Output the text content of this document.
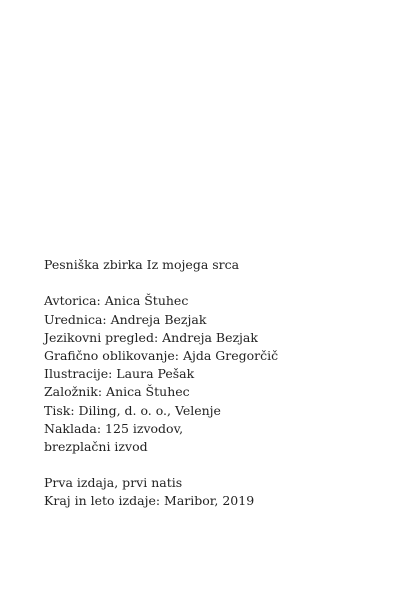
Pesniška zbirka Iz mojega srca
Avtorica: Anica Štuhec
Urednica: Andreja Bezjak
Jezikovni pregled: Andreja Bezjak
Grafično oblikovanje: Ajda Gregorčič
Ilustracije: Laura Pešak
Založnik: Anica Štuhec
Tisk: Diling, d. o. o., Velenje
Naklada: 125 izvodov,
brezplačni izvod
Prva izdaja, prvi natis
Kraj in leto izdaje: Maribor, 2019
